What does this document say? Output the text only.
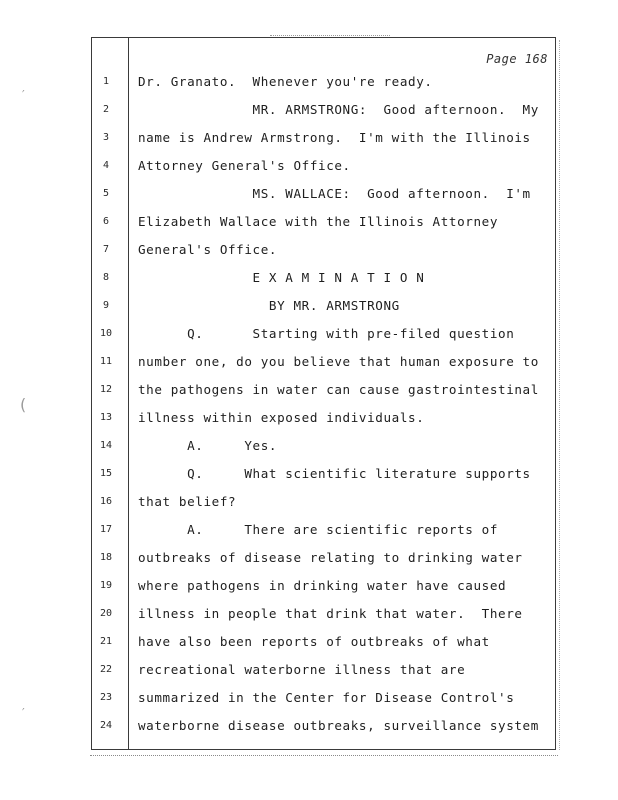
′
(
′
Page 168
1	Dr. Granato.  Whenever you're ready.
2	MR. ARMSTRONG:  Good afternoon.  My
3	name is Andrew Armstrong.  I'm with the Illinois
4	Attorney General's Office.
5	MS. WALLACE:  Good afternoon.  I'm
6	Elizabeth Wallace with the Illinois Attorney
7	General's Office.
8	E X A M I N A T I O N
9	BY MR. ARMSTRONG
10	Q.      Starting with pre-filed question
11	number one, do you believe that human exposure to
12	the pathogens in water can cause gastrointestinal
13	illness within exposed individuals.
14	A.     Yes.
15	Q.     What scientific literature supports
16	that belief?
17	A.     There are scientific reports of
18	outbreaks of disease relating to drinking water
19	where pathogens in drinking water have caused
20	illness in people that drink that water.  There
21	have also been reports of outbreaks of what
22	recreational waterborne illness that are
23	summarized in the Center for Disease Control's
24	waterborne disease outbreaks, surveillance system
